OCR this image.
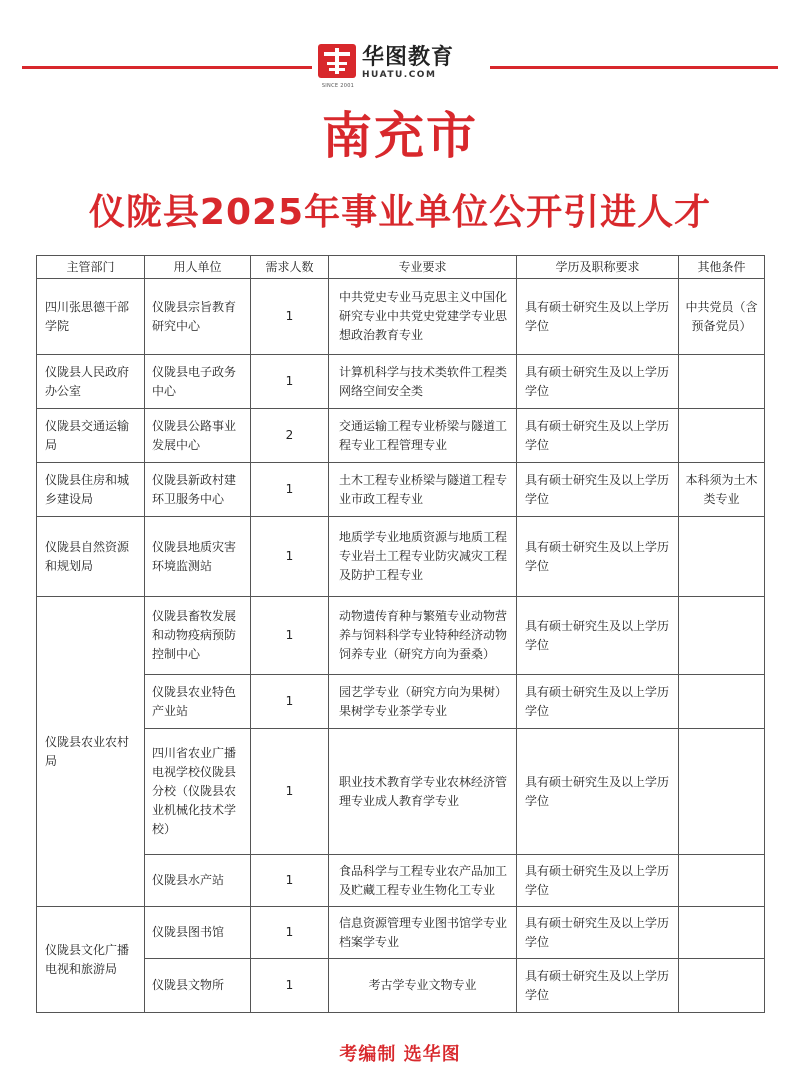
SINCE 2001
华图教育
HUATU.COM
南充市
仪陇县2025年事业单位公开引进人才
主管部门	用人单位	需求人数	专业要求	学历及职称要求	其他条件
四川张思德干部学院	仪陇县宗旨教育研究中心	1	中共党史专业马克思主义中国化研究专业中共党史党建学专业思想政治教育专业	具有硕士研究生及以上学历学位	中共党员（含预备党员）
仪陇县人民政府办公室	仪陇县电子政务中心	1	计算机科学与技术类软件工程类网络空间安全类	具有硕士研究生及以上学历学位	
仪陇县交通运输局	仪陇县公路事业发展中心	2	交通运输工程专业桥梁与隧道工程专业工程管理专业	具有硕士研究生及以上学历学位	
仪陇县住房和城乡建设局	仪陇县新政村建环卫服务中心	1	土木工程专业桥梁与隧道工程专业市政工程专业	具有硕士研究生及以上学历学位	本科须为土木类专业
仪陇县自然资源和规划局	仪陇县地质灾害环境监测站	1	地质学专业地质资源与地质工程专业岩土工程专业防灾减灾工程及防护工程专业	具有硕士研究生及以上学历学位	
仪陇县农业农村局	仪陇县畜牧发展和动物疫病预防控制中心	1	动物遗传育种与繁殖专业动物营养与饲料科学专业特种经济动物饲养专业（研究方向为蚕桑）	具有硕士研究生及以上学历学位	
	仪陇县农业特色产业站	1	园艺学专业（研究方向为果树）果树学专业茶学专业	具有硕士研究生及以上学历学位	
	四川省农业广播电视学校仪陇县分校（仪陇县农业机械化技术学校）	1	职业技术教育学专业农林经济管理专业成人教育学专业	具有硕士研究生及以上学历学位	
	仪陇县水产站	1	食品科学与工程专业农产品加工及贮藏工程专业生物化工专业	具有硕士研究生及以上学历学位	
仪陇县文化广播电视和旅游局	仪陇县图书馆	1	信息资源管理专业图书馆学专业档案学专业	具有硕士研究生及以上学历学位	
	仪陇县文物所	1	考古学专业文物专业	具有硕士研究生及以上学历学位	
考编制 选华图
